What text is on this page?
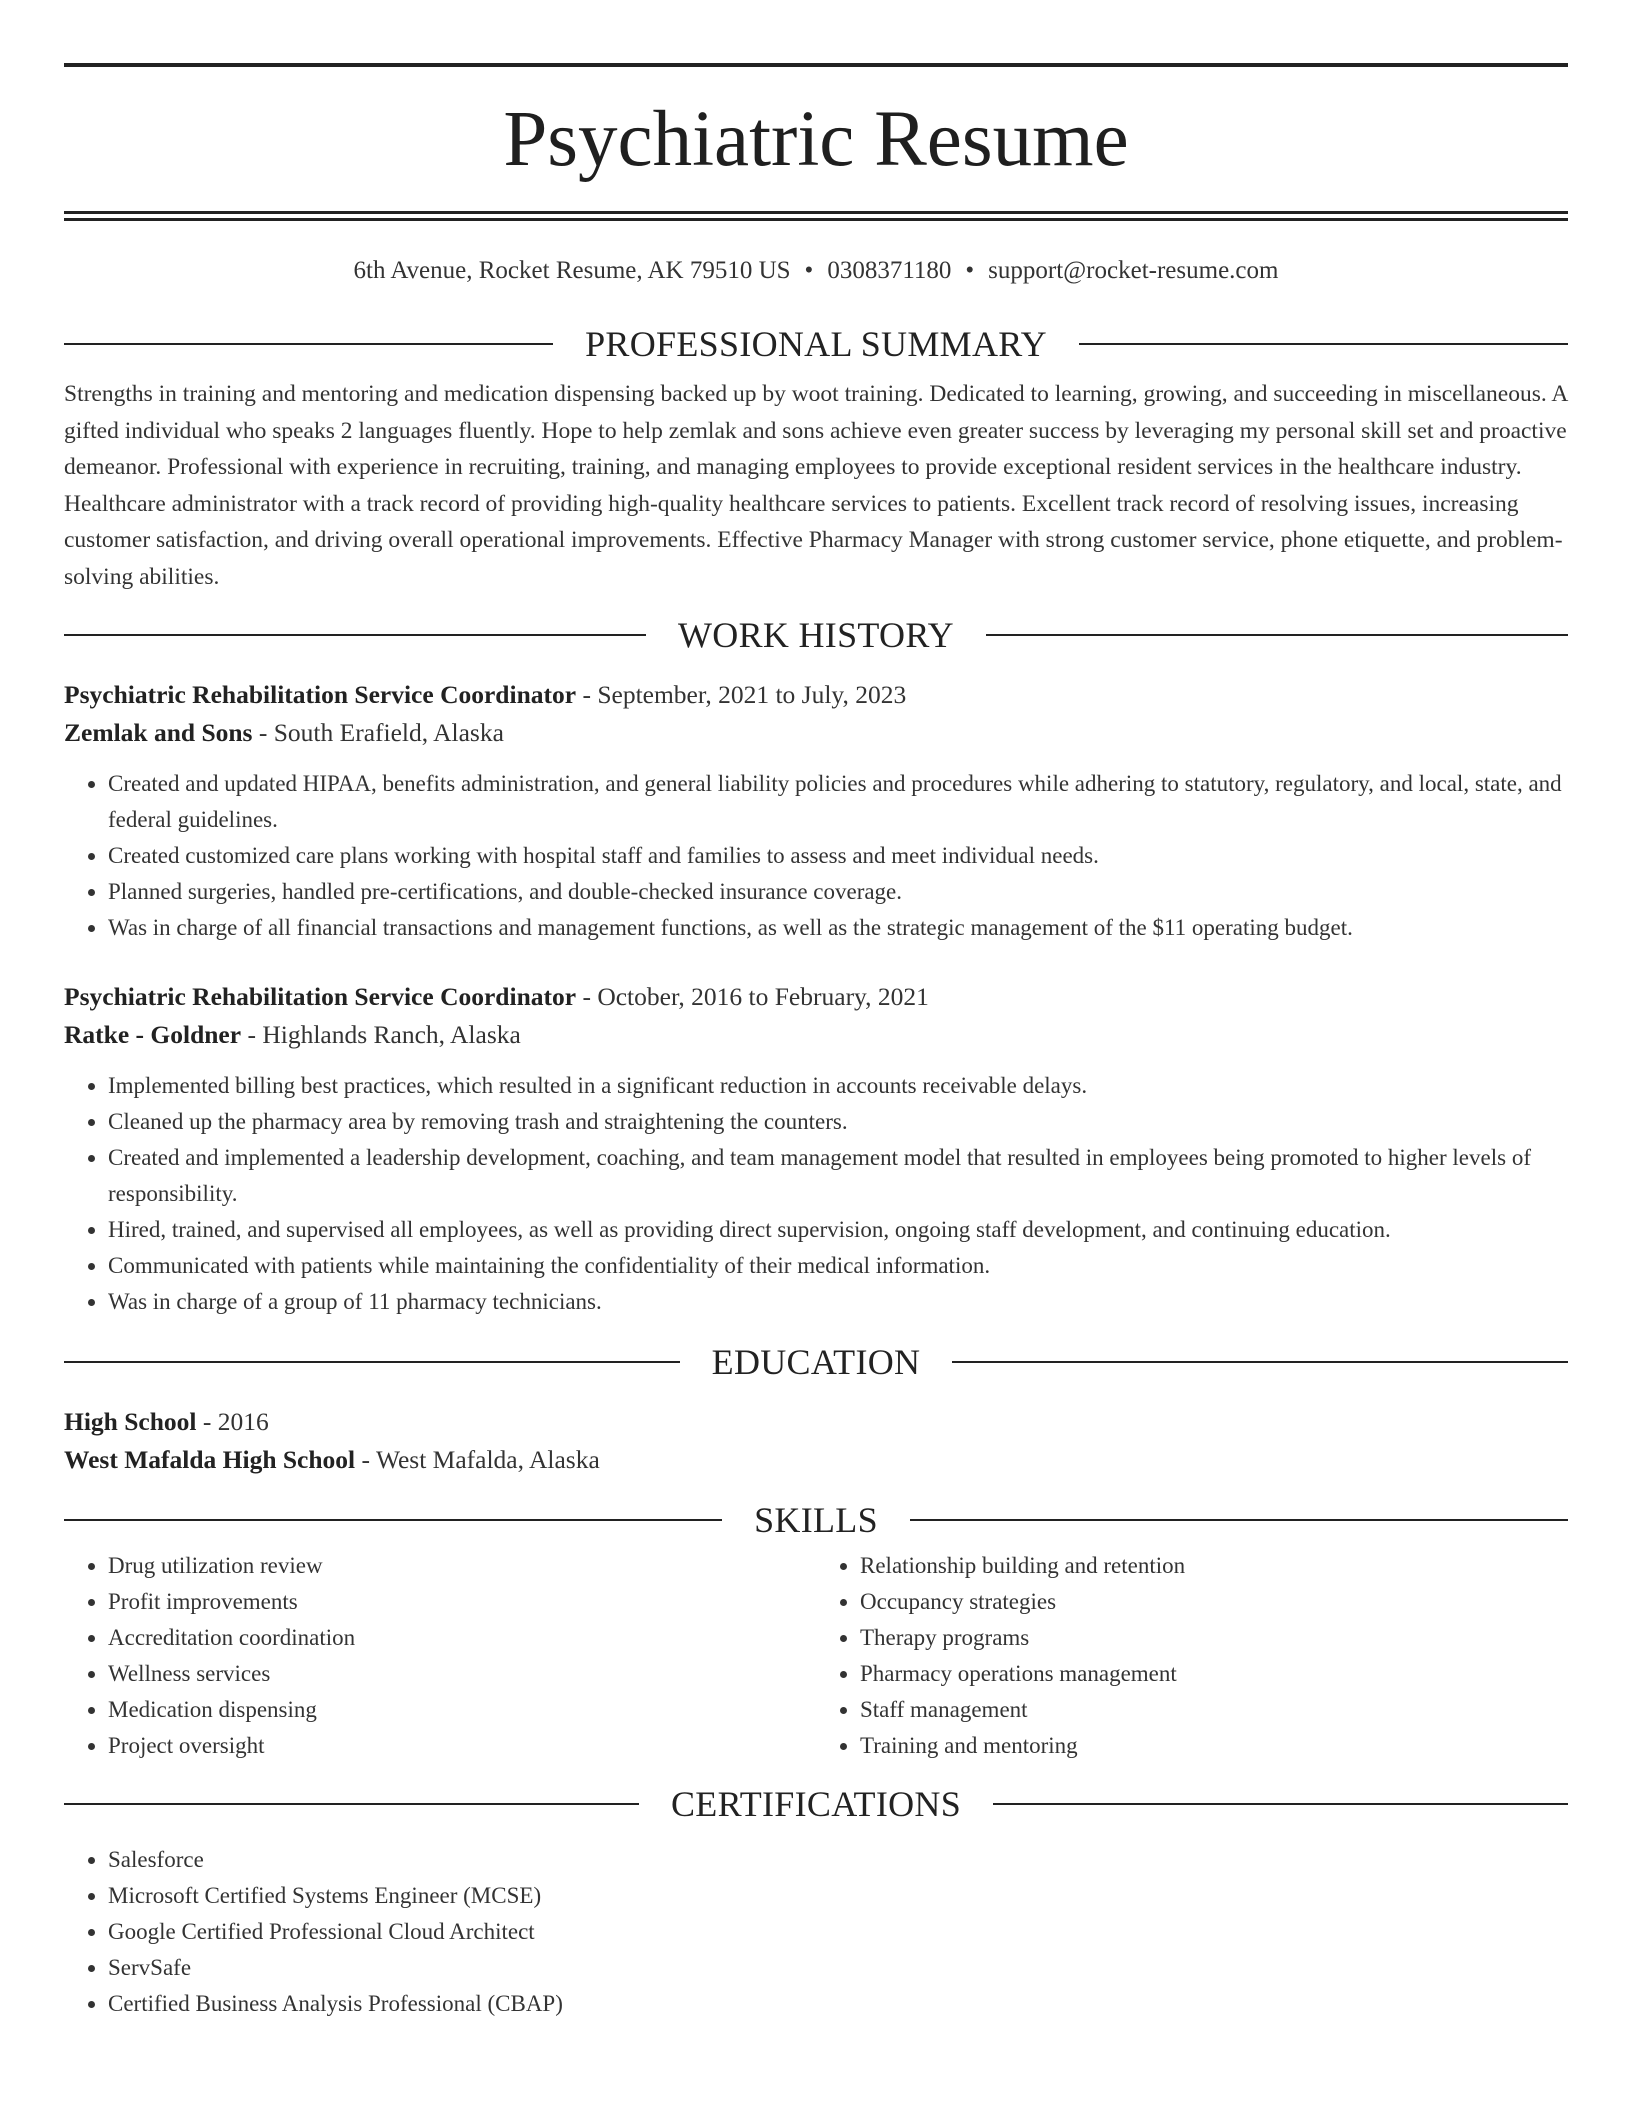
Psychiatric Resume
6th Avenue, Rocket Resume, AK 79510 US • 0308371180 • support@rocket-resume.com
PROFESSIONAL SUMMARY

Strengths in training and mentoring and medication dispensing backed up by woot training. Dedicated to learning, growing, and succeeding in miscellaneous. A gifted individual who speaks 2 languages fluently. Hope to help zemlak and sons achieve even greater success by leveraging my personal skill set and proactive demeanor. Professional with experience in recruiting, training, and managing employees to provide exceptional resident services in the healthcare industry. Healthcare administrator with a track record of providing high-quality healthcare services to patients. Excellent track record of resolving issues, increasing customer satisfaction, and driving overall operational improvements. Effective Pharmacy Manager with strong customer service, phone etiquette, and problem-solving abilities.

WORK HISTORY
Psychiatric Rehabilitation Service Coordinator - September, 2021 to July, 2023
Zemlak and Sons - South Erafield, Alaska
• Created and updated HIPAA, benefits administration, and general liability policies and procedures while adhering to statutory, regulatory, and local, state, and federal guidelines.
• Created customized care plans working with hospital staff and families to assess and meet individual needs.
• Planned surgeries, handled pre-certifications, and double-checked insurance coverage.
• Was in charge of all financial transactions and management functions, as well as the strategic management of the $11 operating budget.
Psychiatric Rehabilitation Service Coordinator - October, 2016 to February, 2021
Ratke - Goldner - Highlands Ranch, Alaska
• Implemented billing best practices, which resulted in a significant reduction in accounts receivable delays.
• Cleaned up the pharmacy area by removing trash and straightening the counters.
• Created and implemented a leadership development, coaching, and team management model that resulted in employees being promoted to higher levels of responsibility.
• Hired, trained, and supervised all employees, as well as providing direct supervision, ongoing staff development, and continuing education.
• Communicated with patients while maintaining the confidentiality of their medical information.
• Was in charge of a group of 11 pharmacy technicians.
EDUCATION
High School - 2016
West Mafalda High School - West Mafalda, Alaska
SKILLS
• Drug utilization review
• Profit improvements
• Accreditation coordination
• Wellness services
• Medication dispensing
• Project oversight
• Relationship building and retention
• Occupancy strategies
• Therapy programs
• Pharmacy operations management
• Staff management
• Training and mentoring
CERTIFICATIONS
• Salesforce
• Microsoft Certified Systems Engineer (MCSE)
• Google Certified Professional Cloud Architect
• ServSafe
• Certified Business Analysis Professional (CBAP)
